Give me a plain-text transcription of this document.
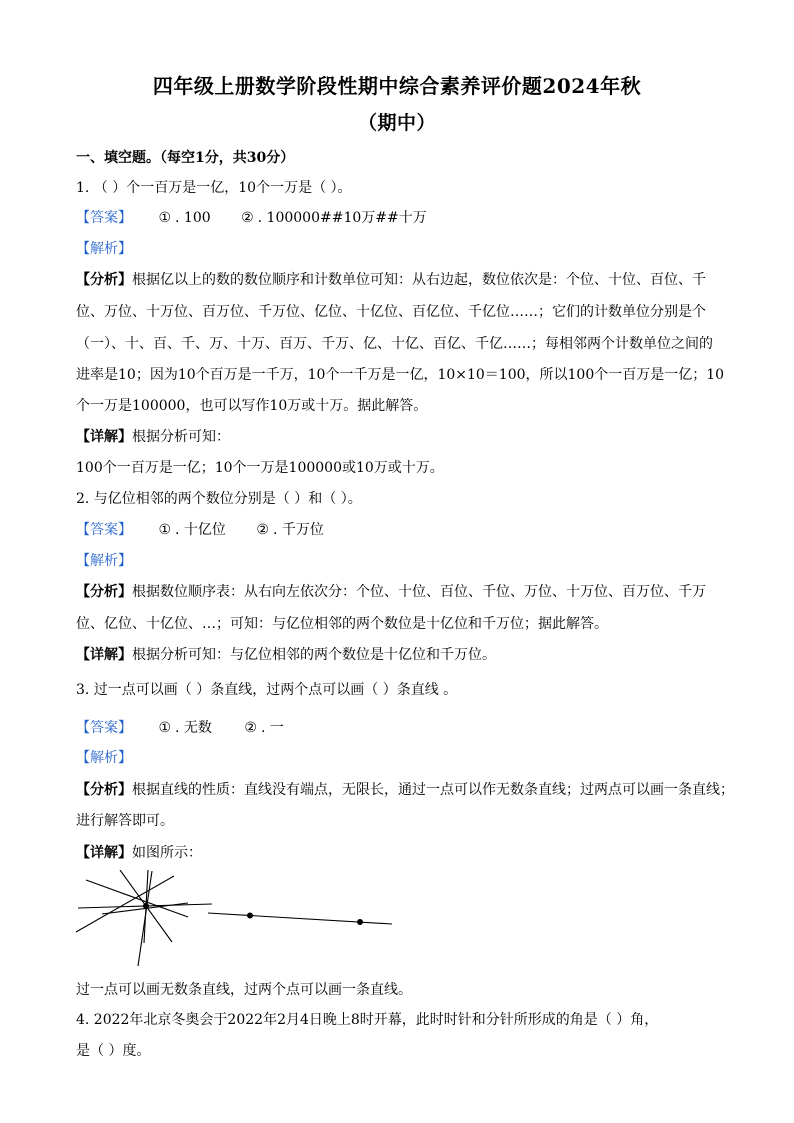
四年级上册数学阶段性期中综合素养评价题2024年秋
（期中）
一、填空题。（每空1分，共30分）
1. （ ）个一百万是一亿，10个一万是（ ）。
【答案】 ① . 100 ② . 100000##10万##十万
【解析】
【分析】根据亿以上的数的数位顺序和计数单位可知：从右边起，数位依次是：个位、十位、百位、千
位、万位、十万位、百万位、千万位、亿位、十亿位、百亿位、千亿位……；它们的计数单位分别是个
（一）、十、百、千、万、十万、百万、千万、亿、十亿、百亿、千亿……；每相邻两个计数单位之间的
进率是10；因为10个百万是一千万，10个一千万是一亿，10×10＝100，所以100个一百万是一亿；10
个一万是100000，也可以写作10万或十万。据此解答。
【详解】根据分析可知：
100个一百万是一亿；10个一万是100000或10万或十万。
2. 与亿位相邻的两个数位分别是（ ）和（ ）。
【答案】 ① . 十亿位 ② . 千万位
【解析】
【分析】根据数位顺序表：从右向左依次分：个位、十位、百位、千位、万位、十万位、百万位、千万
位、亿位、十亿位、…；可知：与亿位相邻的两个数位是十亿位和千万位；据此解答。
【详解】根据分析可知：与亿位相邻的两个数位是十亿位和千万位。
3. 过一点可以画（ ）条直线，过两个点可以画（ ）条直线 。
【答案】 ① . 无数 ② . 一
【解析】
【分析】根据直线的性质：直线没有端点，无限长，通过一点可以作无数条直线；过两点可以画一条直线；
进行解答即可。
【详解】如图所示：
过一点可以画无数条直线，过两个点可以画一条直线。
4. 2022年北京冬奥会于2022年2月4日晚上8时开幕，此时时针和分针所形成的角是（ ）角，
是（ ）度。
